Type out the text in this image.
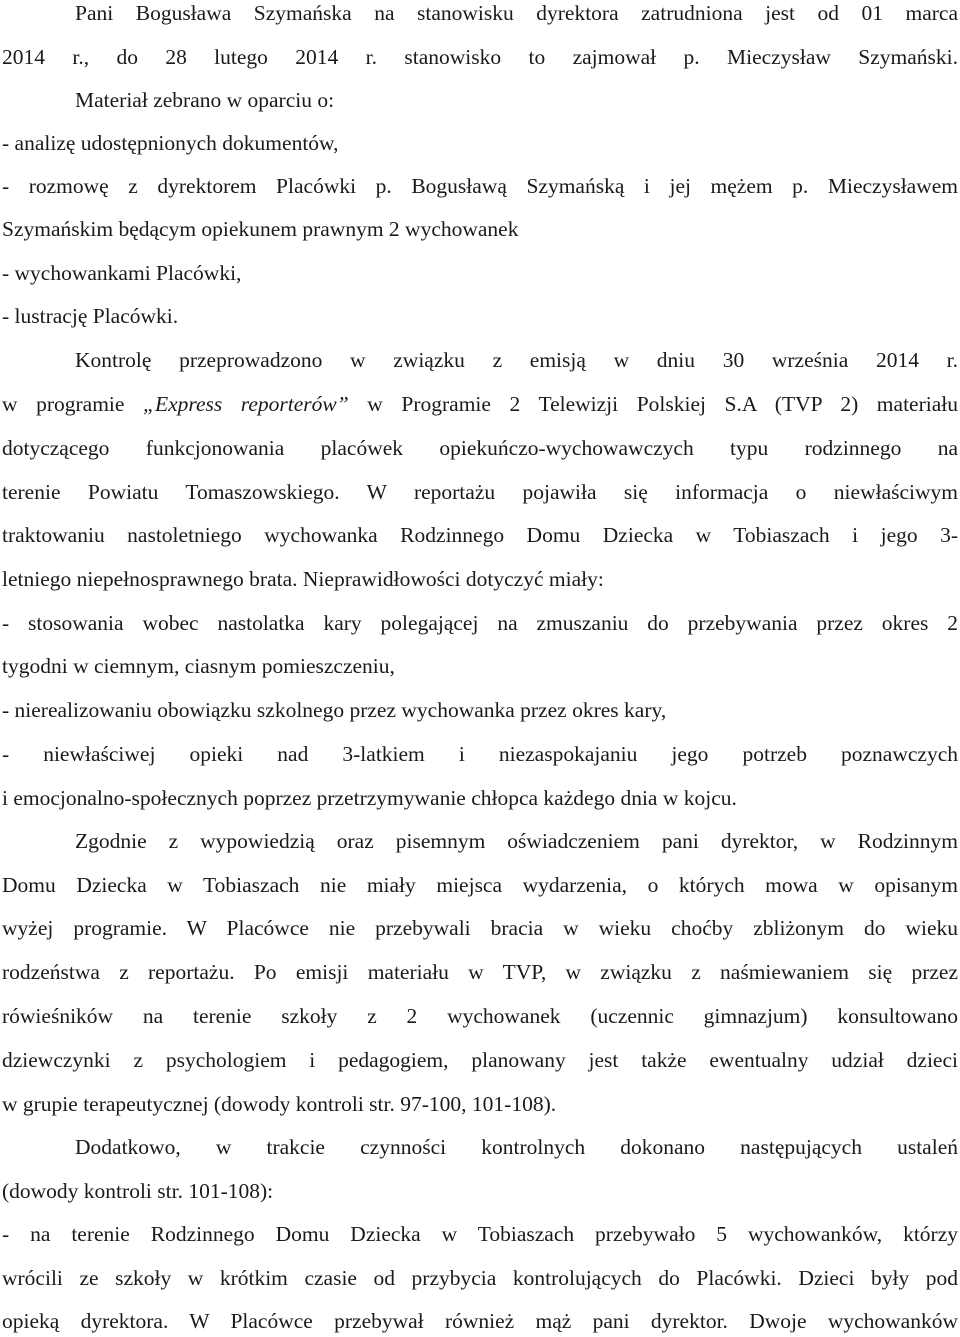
Pani Bogusława Szymańska na stanowisku dyrektora zatrudniona jest od 01 marca
2014 r., do 28 lutego 2014 r. stanowisko to zajmował p. Mieczysław Szymański.
Materiał zebrano w oparciu o:
- analizę udostępnionych dokumentów,
- rozmowę z dyrektorem Placówki p. Bogusławą Szymańską i jej mężem p. Mieczysławem
Szymańskim będącym opiekunem prawnym 2 wychowanek
- wychowankami Placówki,
- lustrację Placówki.
Kontrolę przeprowadzono w związku z emisją w dniu 30 września 2014 r.
w programie „Express reporterów” w Programie 2 Telewizji Polskiej S.A (TVP 2) materiału
dotyczącego funkcjonowania placówek opiekuńczo-wychowawczych typu rodzinnego na
terenie Powiatu Tomaszowskiego. W reportażu pojawiła się informacja o niewłaściwym
traktowaniu nastoletniego wychowanka Rodzinnego Domu Dziecka w Tobiaszach i jego 3-
letniego niepełnosprawnego brata. Nieprawidłowości dotyczyć miały:
- stosowania wobec nastolatka kary polegającej na zmuszaniu do przebywania przez okres 2
tygodni w ciemnym, ciasnym pomieszczeniu,
- nierealizowaniu obowiązku szkolnego przez wychowanka przez okres kary,
- niewłaściwej opieki nad 3-latkiem i niezaspokajaniu jego potrzeb poznawczych
i emocjonalno-społecznych poprzez przetrzymywanie chłopca każdego dnia w kojcu.
Zgodnie z wypowiedzią oraz pisemnym oświadczeniem pani dyrektor, w Rodzinnym
Domu Dziecka w Tobiaszach nie miały miejsca wydarzenia, o których mowa w opisanym
wyżej programie. W Placówce nie przebywali bracia w wieku choćby zbliżonym do wieku
rodzeństwa z reportażu. Po emisji materiału w TVP, w związku z naśmiewaniem się przez
rówieśników na terenie szkoły z 2 wychowanek (uczennic gimnazjum) konsultowano
dziewczynki z psychologiem i pedagogiem, planowany jest także ewentualny udział dzieci
w grupie terapeutycznej (dowody kontroli str. 97-100, 101-108).
Dodatkowo, w trakcie czynności kontrolnych dokonano następujących ustaleń
(dowody kontroli str. 101-108):
- na terenie Rodzinnego Domu Dziecka w Tobiaszach przebywało 5 wychowanków, którzy
wrócili ze szkoły w krótkim czasie od przybycia kontrolujących do Placówki. Dzieci były pod
opieką dyrektora. W Placówce przebywał również mąż pani dyrektor. Dwoje wychowanków
